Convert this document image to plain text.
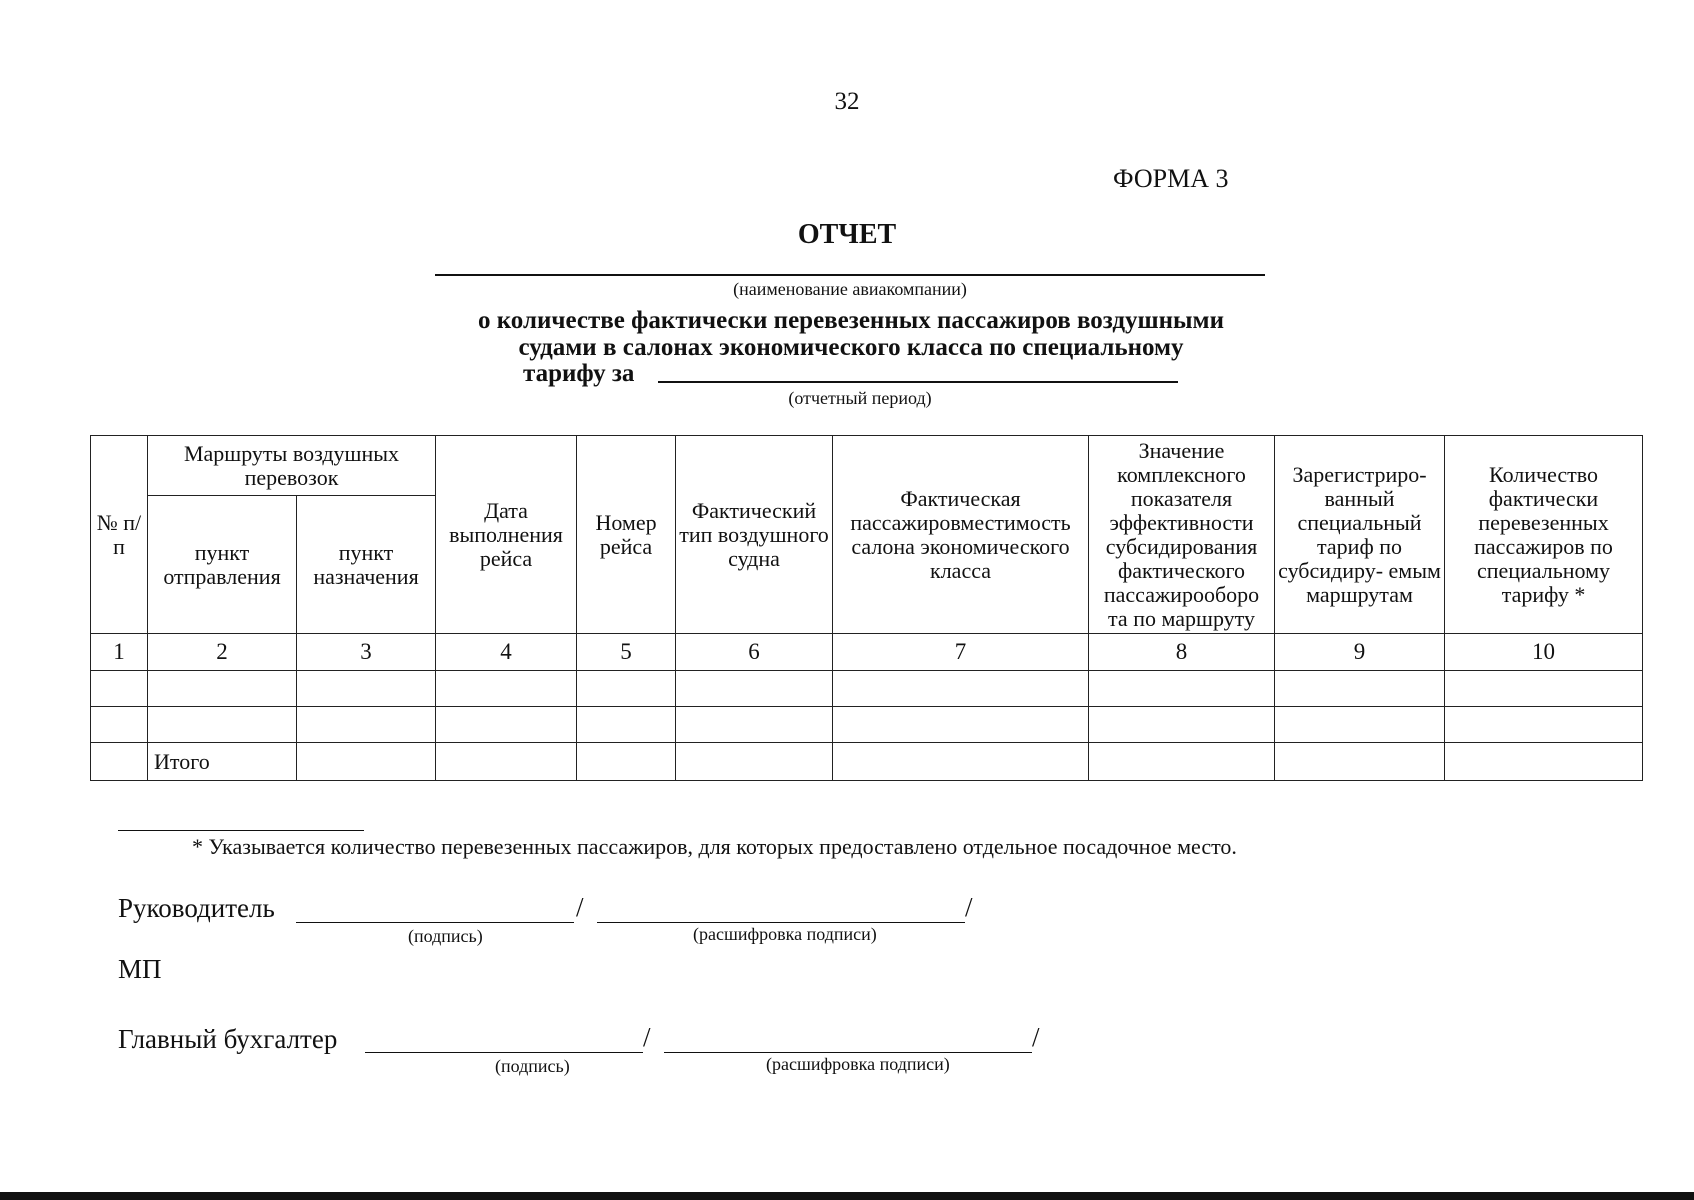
32
ФОРМА 3
ОТЧЕТ
(наименование авиакомпании)
о количестве фактически перевезенных пассажиров воздушными
судами в салонах экономического класса по специальному
тарифу за
(отчетный период)
№ п/п	Маршруты воздушных перевозок		Дата выполнения рейса	Номер рейса	Фактический тип воздушного судна	Фактическая пассажировместимость салона экономического класса	Значение комплексного показателя эффективности субсидирования фактического пассажирооборо та по маршруту	Зарегистриро- ванный специальный тариф по субсидиру- емым маршрутам	Количество фактически перевезенных пассажиров по специальному тарифу *
	пункт отправления	пункт назначения							
1	2	3	4	5	6	7	8	9	10

	Итого								
* Указывается количество перевезенных пассажиров, для которых предоставлено отдельное посадочное место.
Руководитель	/	/
(подпись)	(расшифровка подписи)
МП
Главный бухгалтер	/	/
(подпись)	(расшифровка подписи)
